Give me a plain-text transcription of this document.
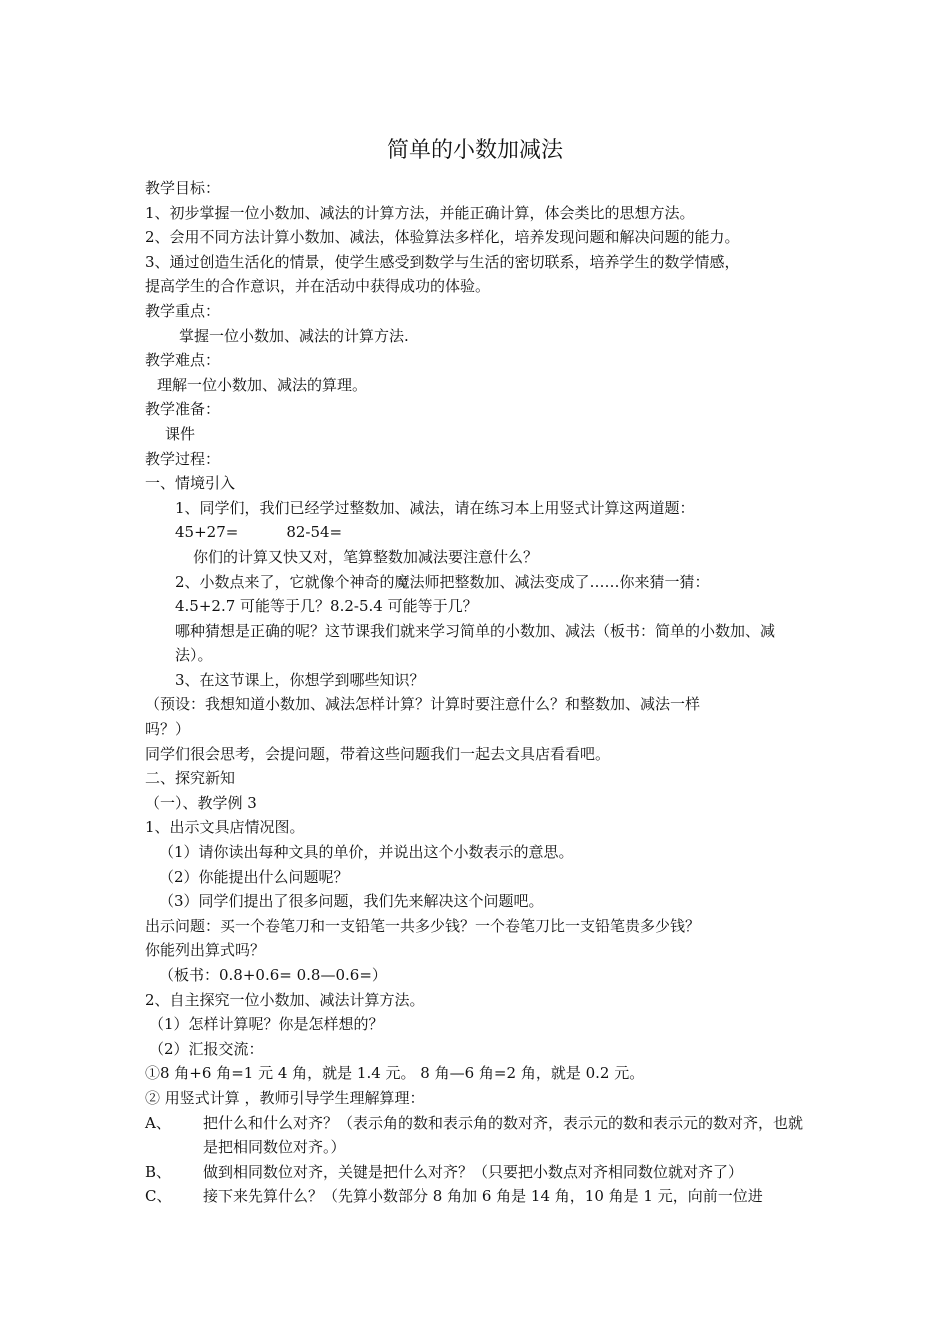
简单的小数加减法
教学目标：
1、初步掌握一位小数加、减法的计算方法，并能正确计算，体会类比的思想方法。
2、会用不同方法计算小数加、减法，体验算法多样化，培养发现问题和解决问题的能力。
3、通过创造生活化的情景，使学生感受到数学与生活的密切联系，培养学生的数学情感，
提高学生的合作意识，并在活动中获得成功的体验。
教学重点：
掌握一位小数加、减法的计算方法.
教学难点：
理解一位小数加、减法的算理。
教学准备：
课件
教学过程：
一、情境引入
1、同学们，我们已经学过整数加、减法，请在练习本上用竖式计算这两道题：
45+27=	82-54=
你们的计算又快又对，笔算整数加减法要注意什么？
2、小数点来了，它就像个神奇的魔法师把整数加、减法变成了……你来猜一猜：
4.5+2.7 可能等于几？8.2-5.4 可能等于几？
哪种猜想是正确的呢？这节课我们就来学习简单的小数加、减法（板书：简单的小数加、减法）。
3、在这节课上，你想学到哪些知识？
（预设：我想知道小数加、减法怎样计算？计算时要注意什么？和整数加、减法一样
吗？）
同学们很会思考，会提问题，带着这些问题我们一起去文具店看看吧。
二、探究新知
（一）、教学例 3
1、出示文具店情况图。
（1）请你读出每种文具的单价，并说出这个小数表示的意思。
（2）你能提出什么问题呢？
（3）同学们提出了很多问题，我们先来解决这个问题吧。
出示问题：买一个卷笔刀和一支铅笔一共多少钱？一个卷笔刀比一支铅笔贵多少钱？
你能列出算式吗？
（板书：0.8+0.6= 0.8—0.6=）
2、自主探究一位小数加、减法计算方法。
（1）怎样计算呢？你是怎样想的？
（2）汇报交流：
①8 角+6 角=1 元 4 角，就是 1.4 元。 8 角—6 角=2 角，就是 0.2 元。
② 用竖式计算 ，教师引导学生理解算理：
A、	把什么和什么对齐？（表示角的数和表示角的数对齐，表示元的数和表示元的数对齐，也就是把相同数位对齐。）
B、	做到相同数位对齐，关键是把什么对齐？（只要把小数点对齐相同数位就对齐了）
C、	接下来先算什么？（先算小数部分 8 角加 6 角是 14 角，10 角是 1 元，向前一位进
